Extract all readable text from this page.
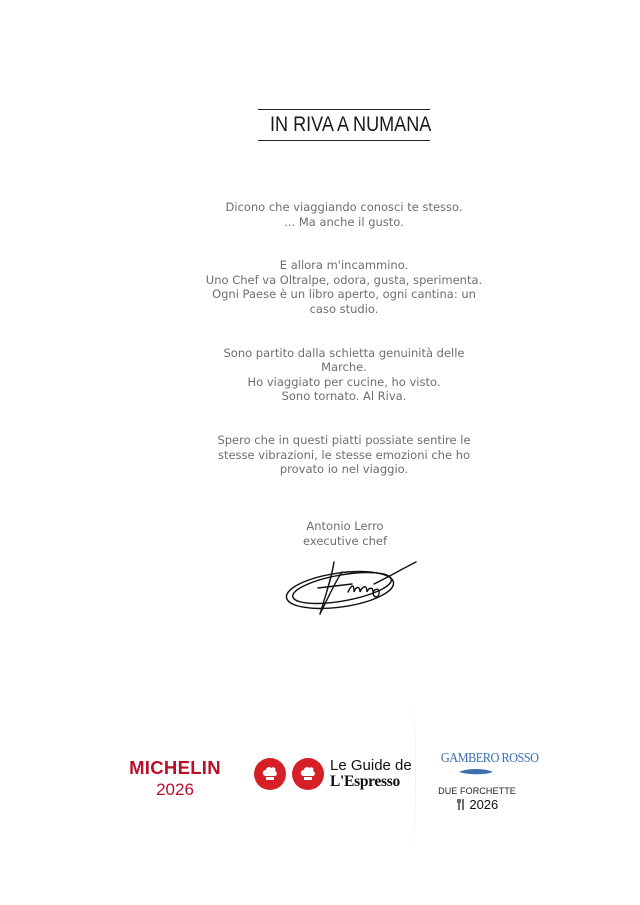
IN RIVA A NUMANA

Dicono che viaggiando conosci te stesso.
... Ma anche il gusto.

E allora m'incammino.
Uno Chef va Oltralpe, odora, gusta, sperimenta.
Ogni Paese è un libro aperto, ogni cantina: un
caso studio.

Sono partito dalla schietta genuinità delle
Marche.
Ho viaggiato per cucine, ho visto.
Sono tornato. Al Riva.

Spero che in questi piatti possiate sentire le
stesse vibrazioni, le stesse emozioni che ho
provato io nel viaggio.

Antonio Lerro
executive chef
MICHELIN
2026
Le Guide de
L'Espresso
GAMBERO ROSSO
DUE FORCHETTE
2026
